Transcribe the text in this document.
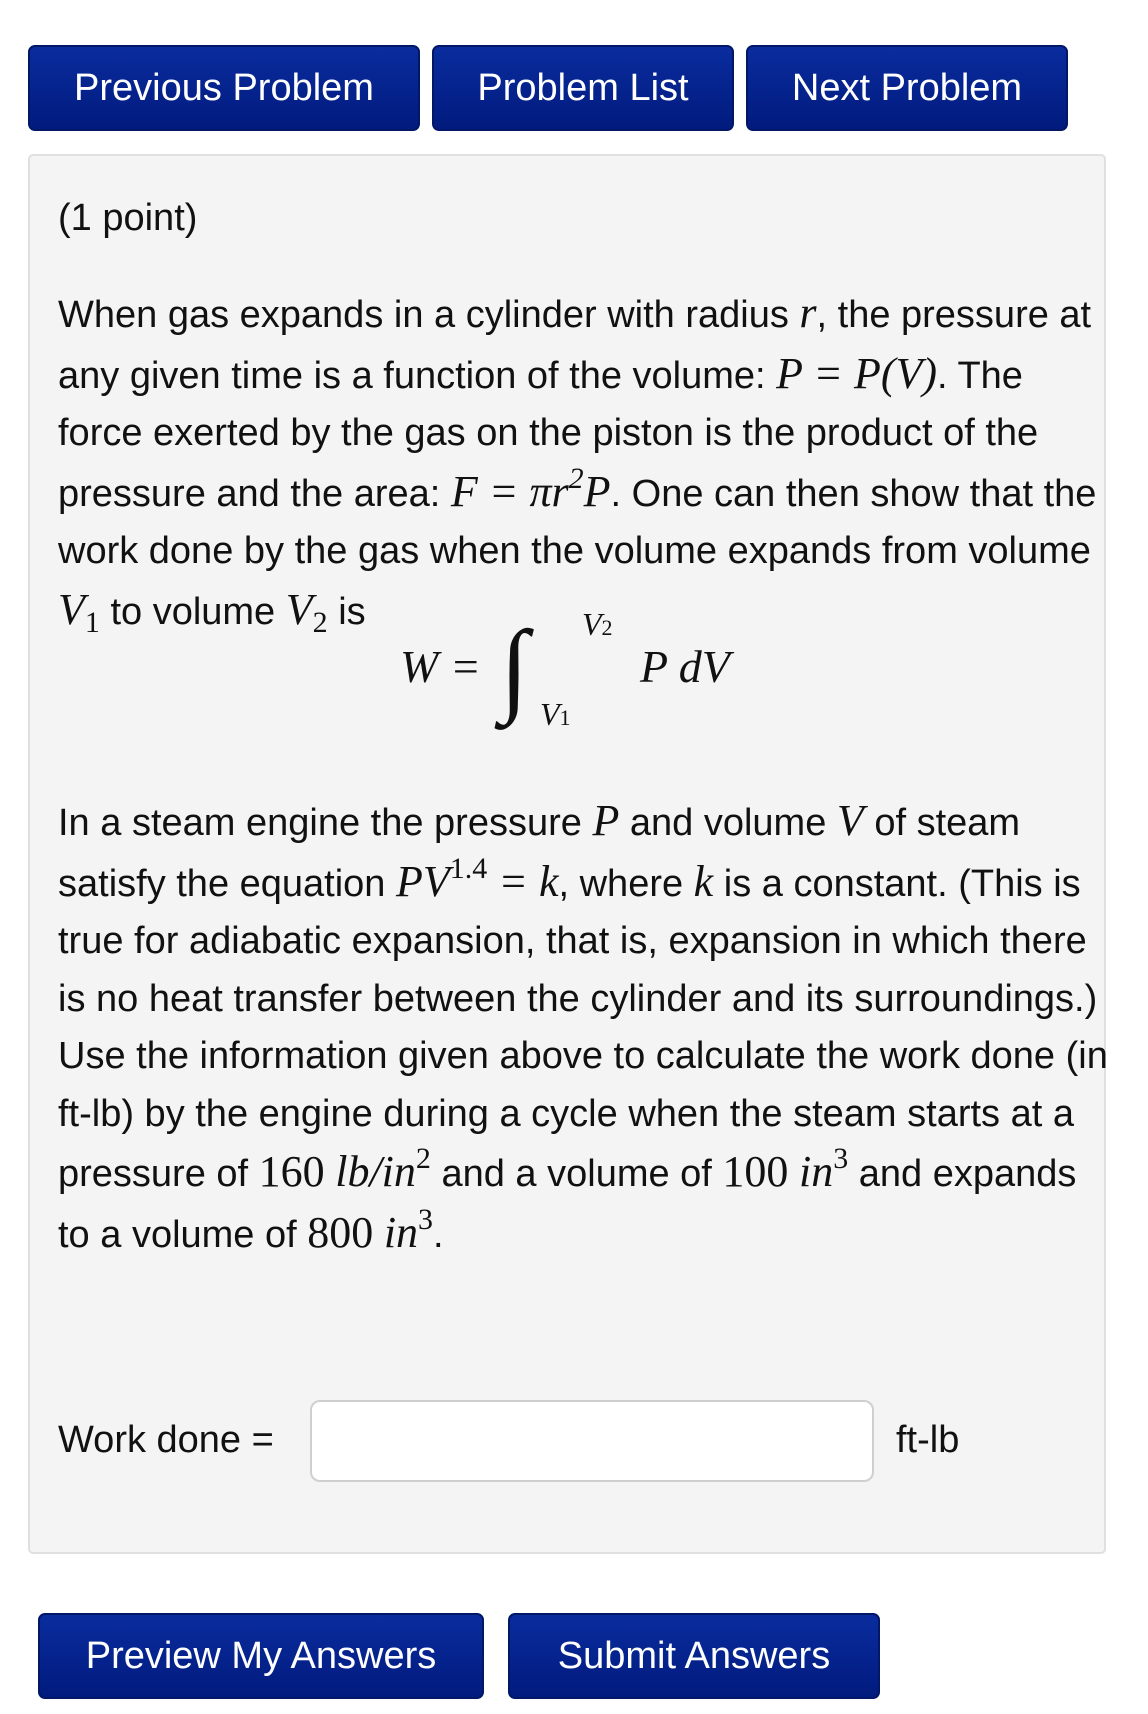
Previous Problem	Problem List	Next Problem

(1 point)

When gas expands in a cylinder with radius r, the pressure at any given time is a function of the volume: P = P(V). The force exerted by the gas on the piston is the product of the pressure and the area: $F = \pi r^2P$. One can then show that the work done by the gas when the volume expands from volume $V_1$ to volume $V_2$ is

W = ∫ V2
V1
P dV

In a steam engine the pressure P and volume V of steam satisfy the equation $PV^{1.4} = k$, where k is a constant. (This is true for adiabatic expansion, that is, expansion in which there is no heat transfer between the cylinder and its surroundings.) Use the information given above to calculate the work done (in ft-lb) by the engine during a cycle when the steam starts at a pressure of 160 $lb/in^2$ and a volume of 100 $in^3$ and expands to a volume of 800 $in^3$.

Work done =	ft-lb
Preview My Answers	Submit Answers
